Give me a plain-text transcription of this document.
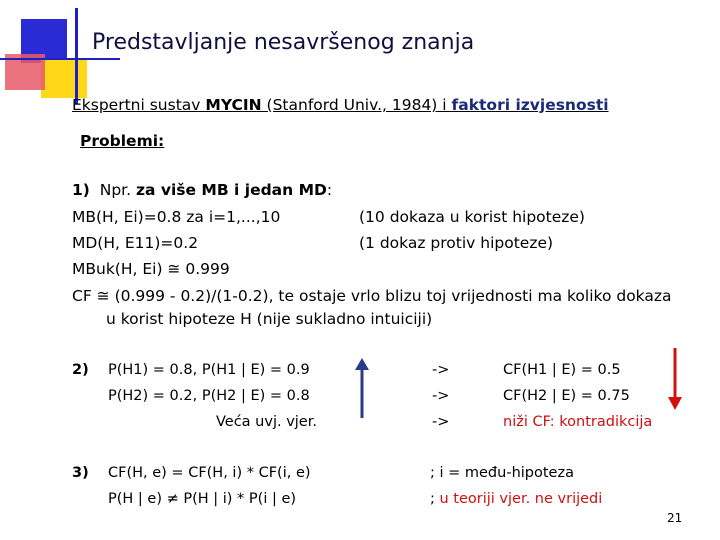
Predstavljanje nesavršenog znanja
Ekspertni sustav MYCIN (Stanford Univ., 1984) i faktori izvjesnosti
Problemi:
1) Npr. za više MB i jedan MD:
MB(H, Ei)=0.8 za i=1,...,10	(10 dokaza u korist hipoteze)
MD(H, E11)=0.2	(1 dokaz protiv hipoteze)
MBuk(H, Ei) ≅ 0.999
CF ≅ (0.999 - 0.2)/(1-0.2), te ostaje vrlo blizu toj vrijednosti ma koliko dokaza
u korist hipoteze H (nije sukladno intuiciji)
2) P(H1) = 0.8, P(H1 | E) = 0.9
P(H2) = 0.2, P(H2 | E) = 0.8
Veća uvj. vjer.
->
->
->
CF(H1 | E) = 0.5
CF(H2 | E) = 0.75
niži CF: kontradikcija
3) CF(H, e) = CF(H, i) * CF(i, e)
P(H | e) ≠ P(H | i) * P(i | e)
; i = među-hipoteza
; u teoriji vjer. ne vrijedi
21
